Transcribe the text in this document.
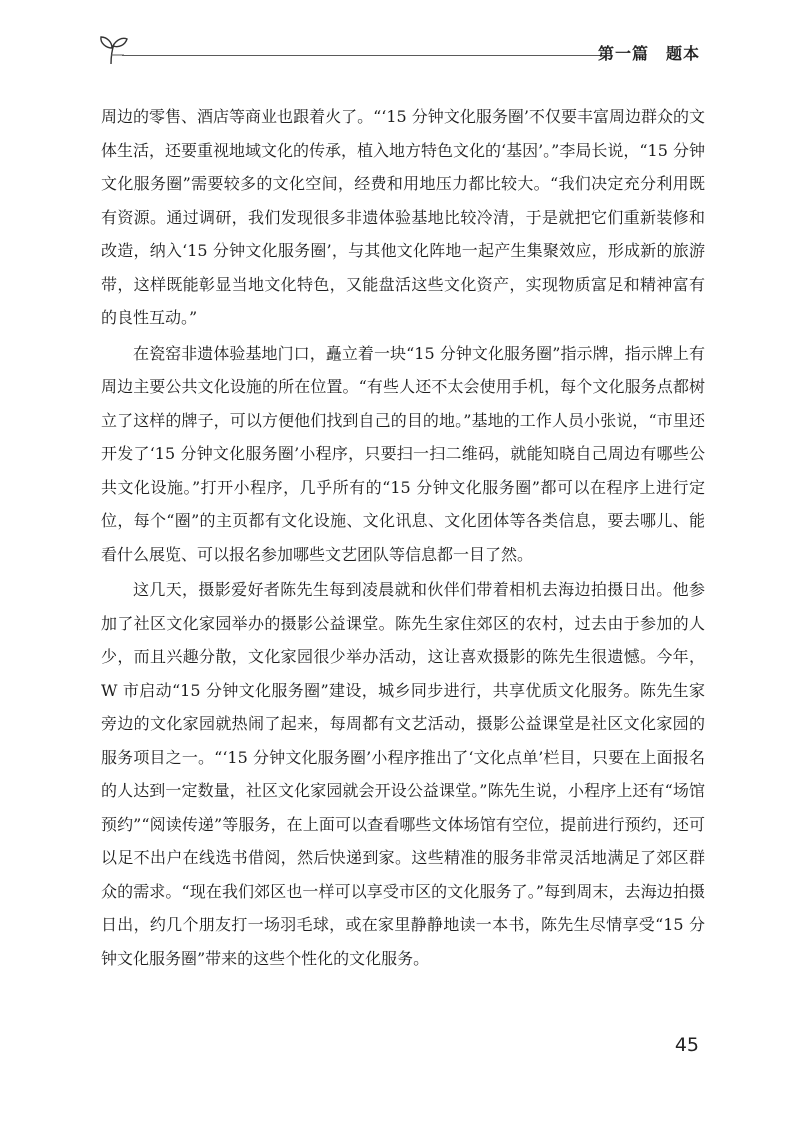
第一篇　题本

周边的零售、酒店等商业也跟着火了。“‘15 分钟文化服务圈’不仅要丰富周边群众的文体生活，还要重视地域文化的传承，植入地方特色文化的‘基因’。”李局长说，“15 分钟文化服务圈”需要较多的文化空间，经费和用地压力都比较大。“我们决定充分利用既有资源。通过调研，我们发现很多非遗体验基地比较冷清，于是就把它们重新装修和改造，纳入‘15 分钟文化服务圈’，与其他文化阵地一起产生集聚效应，形成新的旅游带，这样既能彰显当地文化特色，又能盘活这些文化资产，实现物质富足和精神富有的良性互动。”

在瓷窑非遗体验基地门口，矗立着一块“15 分钟文化服务圈”指示牌，指示牌上有周边主要公共文化设施的所在位置。“有些人还不太会使用手机，每个文化服务点都树立了这样的牌子，可以方便他们找到自己的目的地。”基地的工作人员小张说，“市里还开发了‘15 分钟文化服务圈’小程序，只要扫一扫二维码，就能知晓自己周边有哪些公共文化设施。”打开小程序，几乎所有的“15 分钟文化服务圈”都可以在程序上进行定位，每个“圈”的主页都有文化设施、文化讯息、文化团体等各类信息，要去哪儿、能看什么展览、可以报名参加哪些文艺团队等信息都一目了然。

这几天，摄影爱好者陈先生每到凌晨就和伙伴们带着相机去海边拍摄日出。他参加了社区文化家园举办的摄影公益课堂。陈先生家住郊区的农村，过去由于参加的人少，而且兴趣分散，文化家园很少举办活动，这让喜欢摄影的陈先生很遗憾。今年，W 市启动“15 分钟文化服务圈”建设，城乡同步进行，共享优质文化服务。陈先生家旁边的文化家园就热闹了起来，每周都有文艺活动，摄影公益课堂是社区文化家园的服务项目之一。“‘15 分钟文化服务圈’小程序推出了‘文化点单’栏目，只要在上面报名的人达到一定数量，社区文化家园就会开设公益课堂。”陈先生说，小程序上还有“场馆预约”“阅读传递”等服务，在上面可以查看哪些文体场馆有空位，提前进行预约，还可以足不出户在线选书借阅，然后快递到家。这些精准的服务非常灵活地满足了郊区群众的需求。“现在我们郊区也一样可以享受市区的文化服务了。”每到周末，去海边拍摄日出，约几个朋友打一场羽毛球，或在家里静静地读一本书，陈先生尽情享受“15 分钟文化服务圈”带来的这些个性化的文化服务。

45
